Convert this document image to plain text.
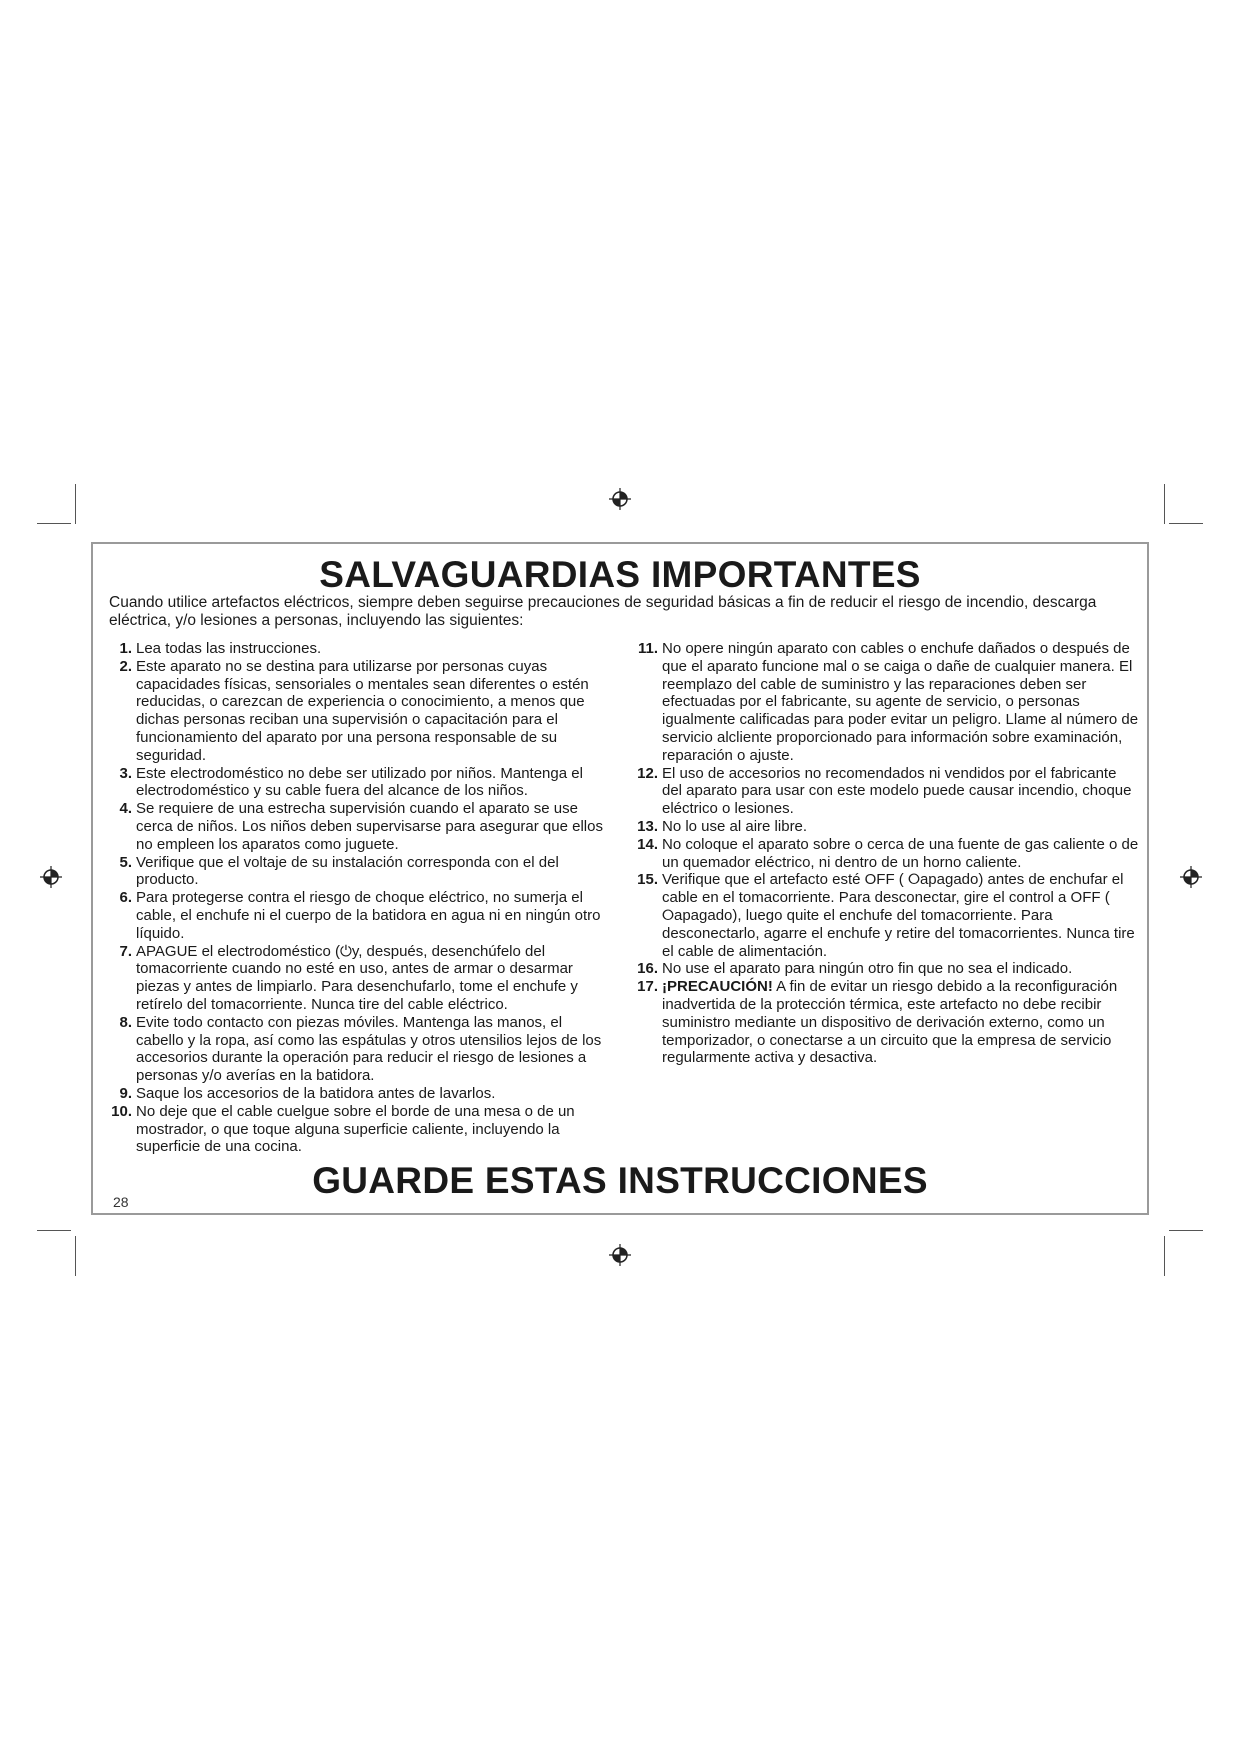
SALVAGUARDIAS IMPORTANTES

Cuando utilice artefactos eléctricos, siempre deben seguirse precauciones de seguridad básicas a fin de reducir el riesgo de incendio, descarga eléctrica, y/o lesiones a personas, incluyendo las siguientes:

1. Lea todas las instrucciones.
2. Este aparato no se destina para utilizarse por personas cuyas capacidades físicas, sensoriales o mentales sean diferentes o estén reducidas, o carezcan de experiencia o conocimiento, a menos que dichas personas reciban una supervisión o capacitación para el funcionamiento del aparato por una persona responsable de su seguridad.
3. Este electrodoméstico no debe ser utilizado por niños. Mantenga el electrodoméstico y su cable fuera del alcance de los niños.
4. Se requiere de una estrecha supervisión cuando el aparato se use cerca de niños. Los niños deben supervisarse para asegurar que ellos no empleen los aparatos como juguete.
5. Verifique que el voltaje de su instalación corresponda con el del producto.
6. Para protegerse contra el riesgo de choque eléctrico, no sumerja el cable, el enchufe ni el cuerpo de la batidora en agua ni en ningún otro líquido.
7. APAGUE el electrodoméstico (⏻y, después, desenchúfelo del tomacorriente cuando no esté en uso, antes de armar o desarmar piezas y antes de limpiarlo. Para desenchufarlo, tome el enchufe y retírelo del tomacorriente. Nunca tire del cable eléctrico.
8. Evite todo contacto con piezas móviles. Mantenga las manos, el cabello y la ropa, así como las espátulas y otros utensilios lejos de los accesorios durante la operación para reducir el riesgo de lesiones a personas y/o averías en la batidora.
9. Saque los accesorios de la batidora antes de lavarlos.
10. No deje que el cable cuelgue sobre el borde de una mesa o de un mostrador, o que toque alguna superficie caliente, incluyendo la superficie de una cocina.
11. No opere ningún aparato con cables o enchufe dañados o después de que el aparato funcione mal o se caiga o dañe de cualquier manera. El reemplazo del cable de suministro y las reparaciones deben ser efectuadas por el fabricante, su agente de servicio, o personas igualmente calificadas para poder evitar un peligro. Llame al número de servicio alcliente proporcionado para información sobre examinación, reparación o ajuste.
12. El uso de accesorios no recomendados ni vendidos por el fabricante del aparato para usar con este modelo puede causar incendio, choque eléctrico o lesiones.
13. No lo use al aire libre.
14. No coloque el aparato sobre o cerca de una fuente de gas caliente o de un quemador eléctrico, ni dentro de un horno caliente.
15. Verifique que el artefacto esté OFF ( ⭘apagado) antes de enchufar el cable en el tomacorriente. Para desconectar, gire el control a OFF ( ⭘apagado), luego quite el enchufe del tomacorriente. Para desconectarlo, agarre el enchufe y retire del tomacorrientes. Nunca tire el cable de alimentación.
16. No use el aparato para ningún otro fin que no sea el indicado.
17. ¡PRECAUCIÓN! A fin de evitar un riesgo debido a la reconfiguración inadvertida de la protección térmica, este artefacto no debe recibir suministro mediante un dispositivo de derivación externo, como un temporizador, o conectarse a un circuito que la empresa de servicio regularmente activa y desactiva.
28
GUARDE ESTAS INSTRUCCIONES
